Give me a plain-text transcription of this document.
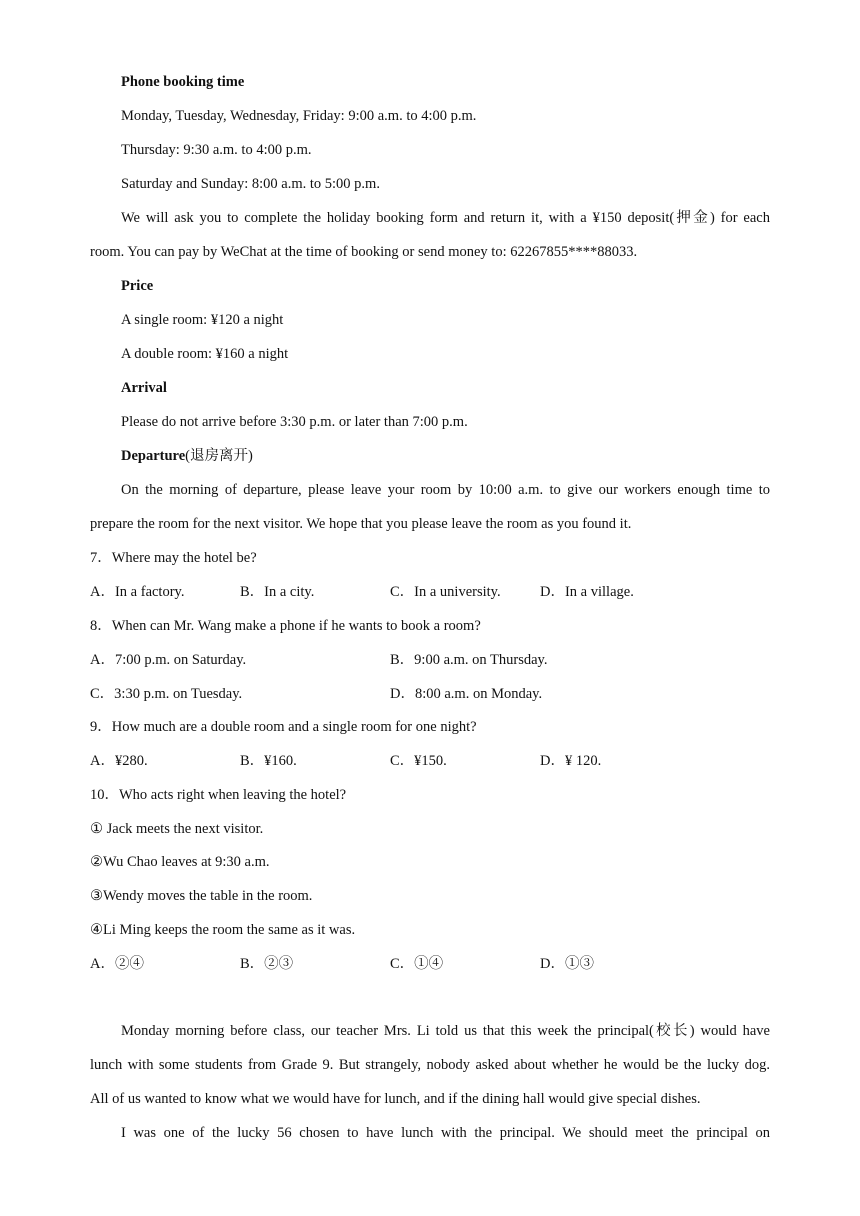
Phone booking time
Monday, Tuesday, Wednesday, Friday: 9:00 a.m. to 4:00 p.m.
Thursday: 9:30 a.m. to 4:00 p.m.
Saturday and Sunday: 8:00 a.m. to 5:00 p.m.
We will ask you to complete the holiday booking form and return it, with a ¥150 deposit(押金) for each
room. You can pay by WeChat at the time of booking or send money to: 62267855****88033.
Price
A single room: ¥120 a night
A double room: ¥160 a night
Arrival
Please do not arrive before 3:30 p.m. or later than 7:00 p.m.
Departure(退房离开)
On the morning of departure, please leave your room by 10:00 a.m. to give our workers enough time to
prepare the room for the next visitor. We hope that you please leave the room as you found it.
7．Where may the hotel be?
A．In a factory.	B．In a city.	C．In a university.	D．In a village.
8．When can Mr. Wang make a phone if he wants to book a room?
A．7:00 p.m. on Saturday.	B．9:00 a.m. on Thursday.
C．3:30 p.m. on Tuesday.	D．8:00 a.m. on Monday.
9．How much are a double room and a single room for one night?
A．¥280.	B．¥160.	C．¥150.	D．¥ 120.
10．Who acts right when leaving the hotel?
① Jack meets the next visitor.
②Wu Chao leaves at 9:30 a.m.
③Wendy moves the table in the room.
④Li Ming keeps the room the same as it was.
A．②④	B．②③	C．①④	D．①③
Monday morning before class, our teacher Mrs. Li told us that this week the principal(校长) would have
lunch with some students from Grade 9. But strangely, nobody asked about whether he would be the lucky dog.
All of us wanted to know what we would have for lunch, and if the dining hall would give special dishes.
I was one of the lucky 56 chosen to have lunch with the principal. We should meet the principal on
